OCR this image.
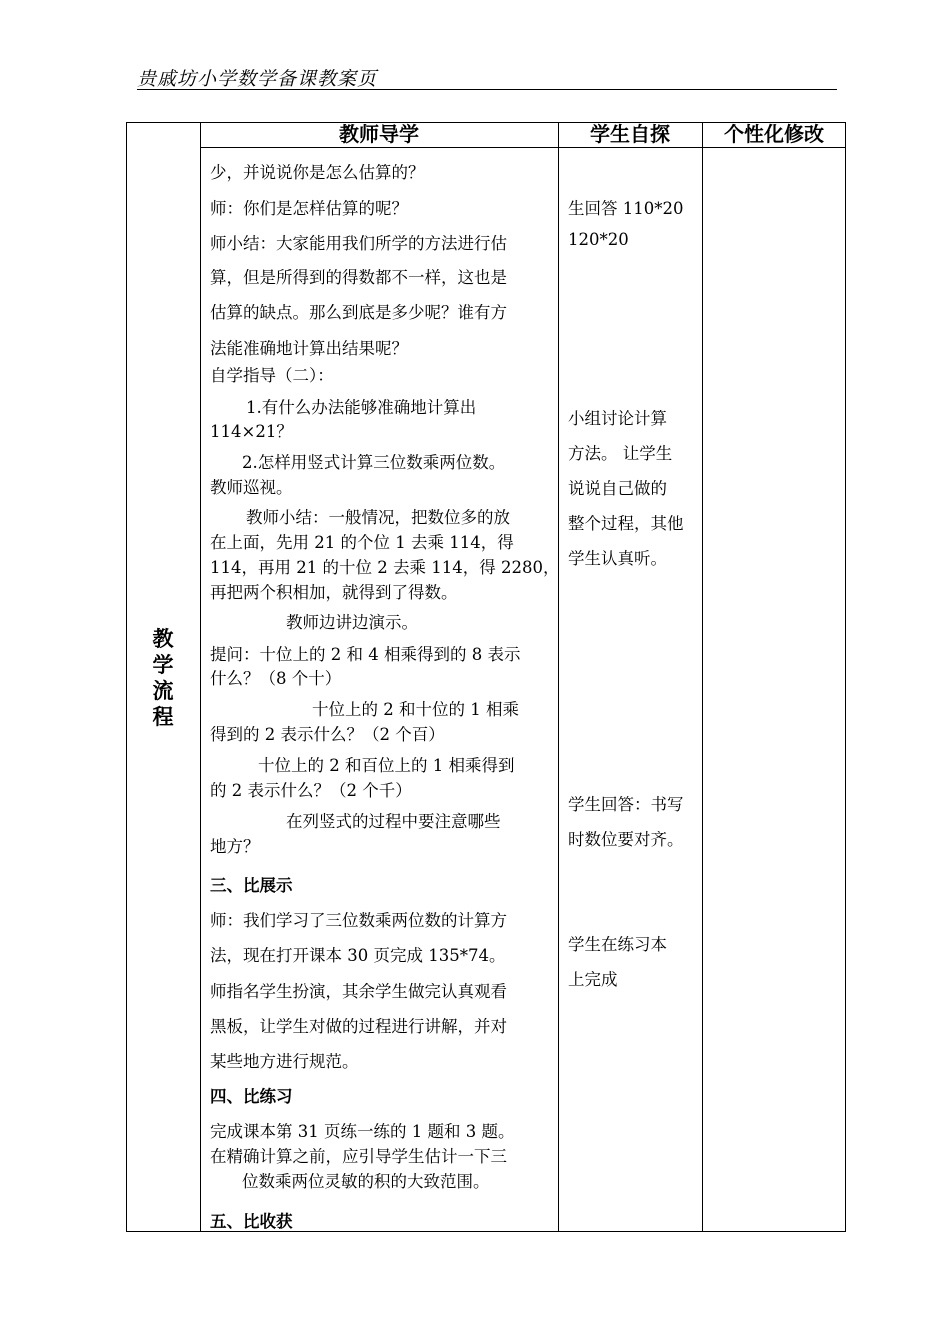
贵戚坊小学数学备课教案页
教师导学	学生自探	个性化修改
教
学
流
程
少，并说说你是怎么估算的？
师：你们是怎样估算的呢？
师小结：大家能用我们所学的方法进行估
算，但是所得到的得数都不一样，这也是
估算的缺点。那么到底是多少呢？谁有方
法能准确地计算出结果呢？
自学指导（二）：
1.有什么办法能够准确地计算出
114×21？
2.怎样用竖式计算三位数乘两位数。
教师巡视。
教师小结：一般情况，把数位多的放
在上面，先用 21 的个位 1 去乘 114，得
114，再用 21 的十位 2 去乘 114，得 2280，
再把两个积相加，就得到了得数。
教师边讲边演示。
提问：十位上的 2 和 4 相乘得到的 8 表示
什么？（8 个十）
十位上的 2 和十位的 1 相乘
得到的 2 表示什么？（2 个百）
十位上的 2 和百位上的 1 相乘得到
的 2 表示什么？（2 个千）
在列竖式的过程中要注意哪些
地方？
三、比展示
师：我们学习了三位数乘两位数的计算方
法，现在打开课本 30 页完成 135*74。
师指名学生扮演，其余学生做完认真观看
黑板，让学生对做的过程进行讲解，并对
某些地方进行规范。
四、比练习
完成课本第 31 页练一练的 1 题和 3 题。
在精确计算之前，应引导学生估计一下三
位数乘两位灵敏的积的大致范围。
五、比收获
生回答 110*20
120*20
小组讨论计算
方法。 让学生
说说自己做的
整个过程，其他
学生认真听。
学生回答：书写
时数位要对齐。
学生在练习本
上完成
